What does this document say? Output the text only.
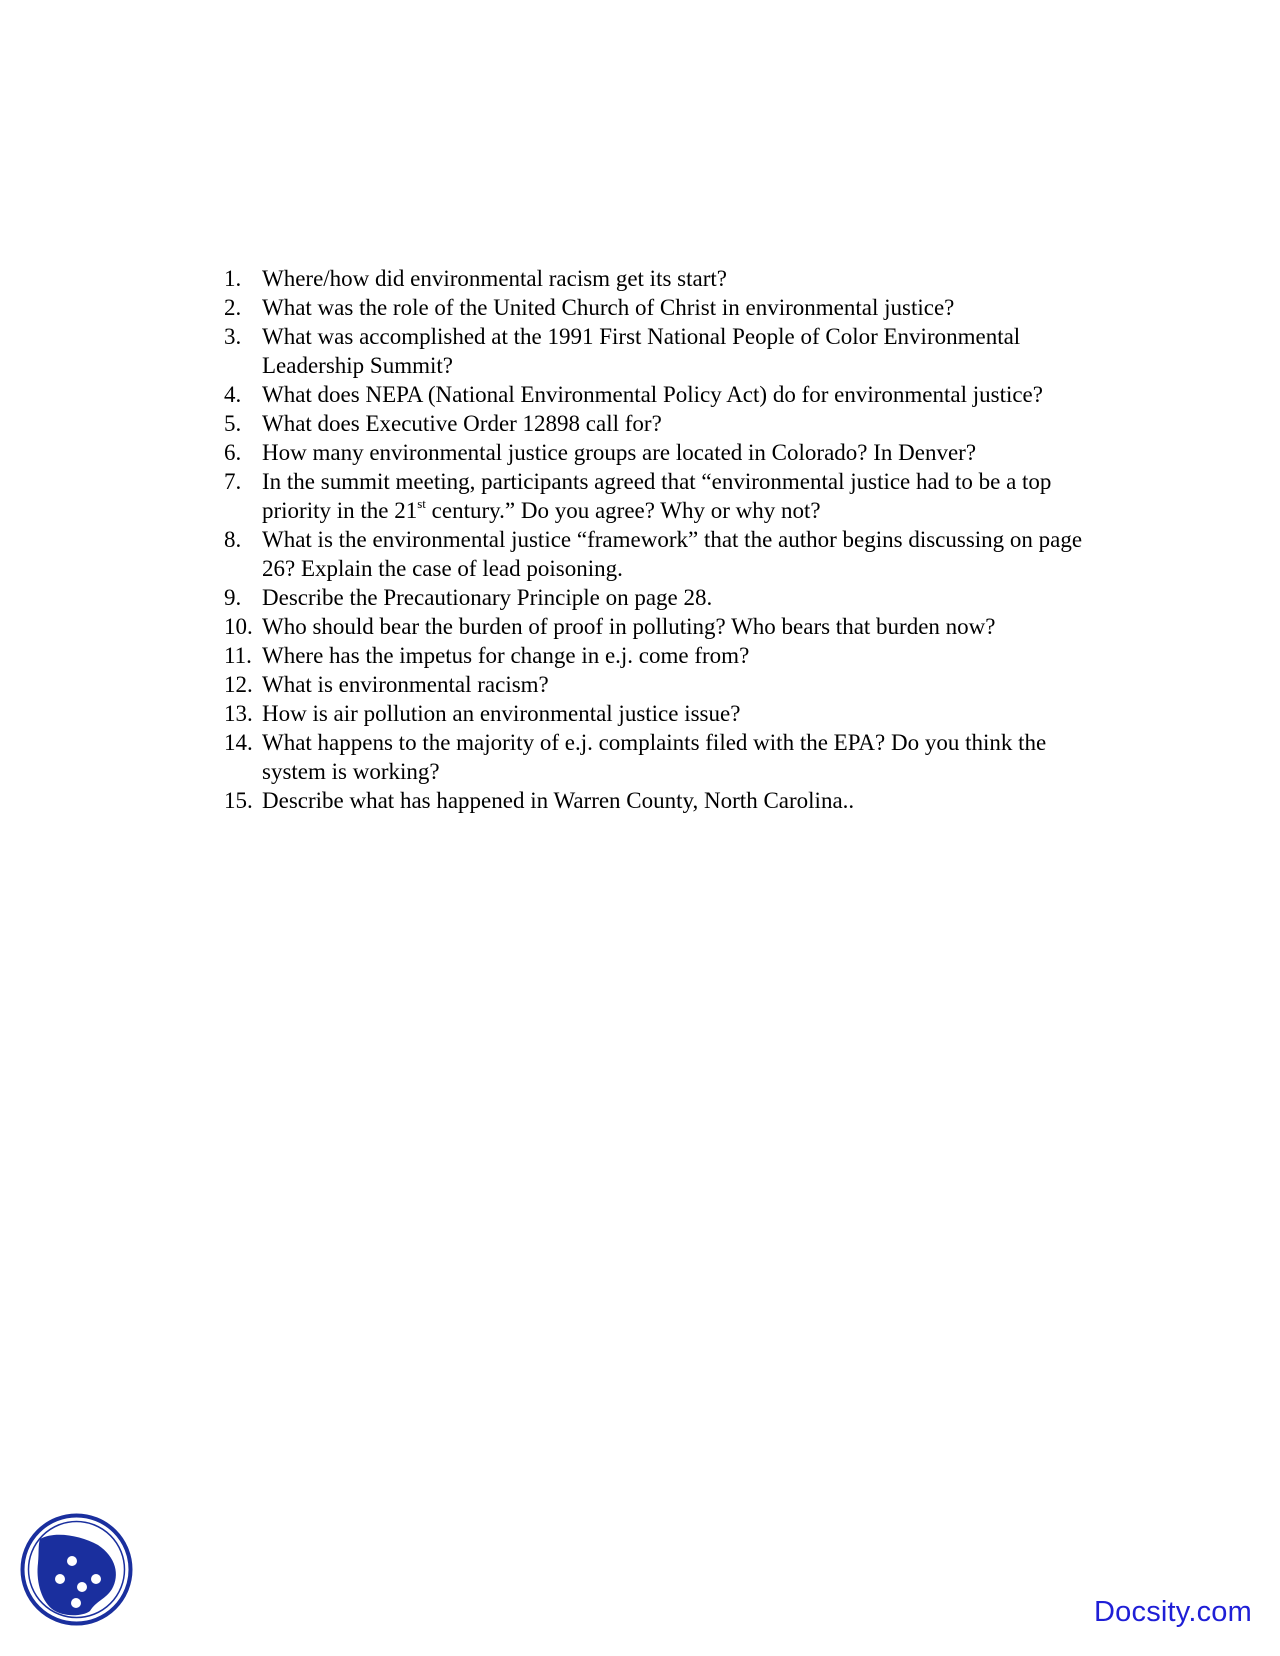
1. Where/how did environmental racism get its start?
2. What was the role of the United Church of Christ in environmental justice?
3. What was accomplished at the 1991 First National People of Color Environmental Leadership Summit?
4. What does NEPA (National Environmental Policy Act) do for environmental justice?
5. What does Executive Order 12898 call for?
6. How many environmental justice groups are located in Colorado? In Denver?
7. In the summit meeting, participants agreed that “environmental justice had to be a top priority in the 21st century.” Do you agree? Why or why not?
8. What is the environmental justice “framework” that the author begins discussing on page 26? Explain the case of lead poisoning.
9. Describe the Precautionary Principle on page 28.
10. Who should bear the burden of proof in polluting? Who bears that burden now?
11. Where has the impetus for change in e.j. come from?
12. What is environmental racism?
13. How is air pollution an environmental justice issue?
14. What happens to the majority of e.j. complaints filed with the EPA? Do you think the system is working?
15. Describe what has happened in Warren County, North Carolina..
Docsity.com
